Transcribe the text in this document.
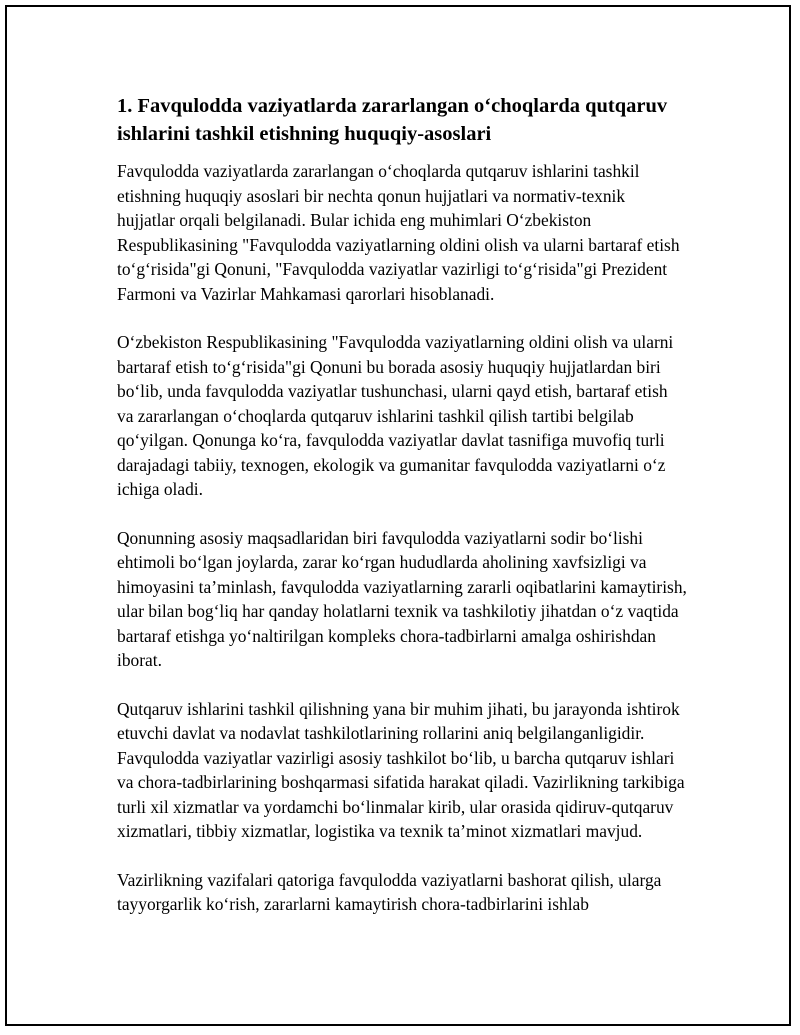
1. Favqulodda vaziyatlarda zararlangan o‘choqlarda qutqaruv ishlarini tashkil etishning huquqiy-asoslari

Favqulodda vaziyatlarda zararlangan o‘choqlarda qutqaruv ishlarini tashkil etishning huquqiy asoslari bir nechta qonun hujjatlari va normativ-texnik hujjatlar orqali belgilanadi. Bular ichida eng muhimlari O‘zbekiston Respublikasining "Favqulodda vaziyatlarning oldini olish va ularni bartaraf etish to‘g‘risida"gi Qonuni, "Favqulodda vaziyatlar vazirligi to‘g‘risida"gi Prezident Farmoni va Vazirlar Mahkamasi qarorlari hisoblanadi.

O‘zbekiston Respublikasining "Favqulodda vaziyatlarning oldini olish va ularni bartaraf etish to‘g‘risida"gi Qonuni bu borada asosiy huquqiy hujjatlardan biri bo‘lib, unda favqulodda vaziyatlar tushunchasi, ularni qayd etish, bartaraf etish va zararlangan o‘choqlarda qutqaruv ishlarini tashkil qilish tartibi belgilab qo‘yilgan. Qonunga ko‘ra, favqulodda vaziyatlar davlat tasnifiga muvofiq turli darajadagi tabiiy, texnogen, ekologik va gumanitar favqulodda vaziyatlarni o‘z ichiga oladi.

Qonunning asosiy maqsadlaridan biri favqulodda vaziyatlarni sodir bo‘lishi ehtimoli bo‘lgan joylarda, zarar ko‘rgan hududlarda aholining xavfsizligi va himoyasini ta’minlash, favqulodda vaziyatlarning zararli oqibatlarini kamaytirish, ular bilan bog‘liq har qanday holatlarni texnik va tashkilotiy jihatdan o‘z vaqtida bartaraf etishga yo‘naltirilgan kompleks chora-tadbirlarni amalga oshirishdan iborat.

Qutqaruv ishlarini tashkil qilishning yana bir muhim jihati, bu jarayonda ishtirok etuvchi davlat va nodavlat tashkilotlarining rollarini aniq belgilanganligidir. Favqulodda vaziyatlar vazirligi asosiy tashkilot bo‘lib, u barcha qutqaruv ishlari va chora-tadbirlarining boshqarmasi sifatida harakat qiladi. Vazirlikning tarkibiga turli xil xizmatlar va yordamchi bo‘linmalar kirib, ular orasida qidiruv-qutqaruv xizmatlari, tibbiy xizmatlar, logistika va texnik ta’minot xizmatlari mavjud.

Vazirlikning vazifalari qatoriga favqulodda vaziyatlarni bashorat qilish, ularga tayyorgarlik ko‘rish, zararlarni kamaytirish chora-tadbirlarini ishlab
